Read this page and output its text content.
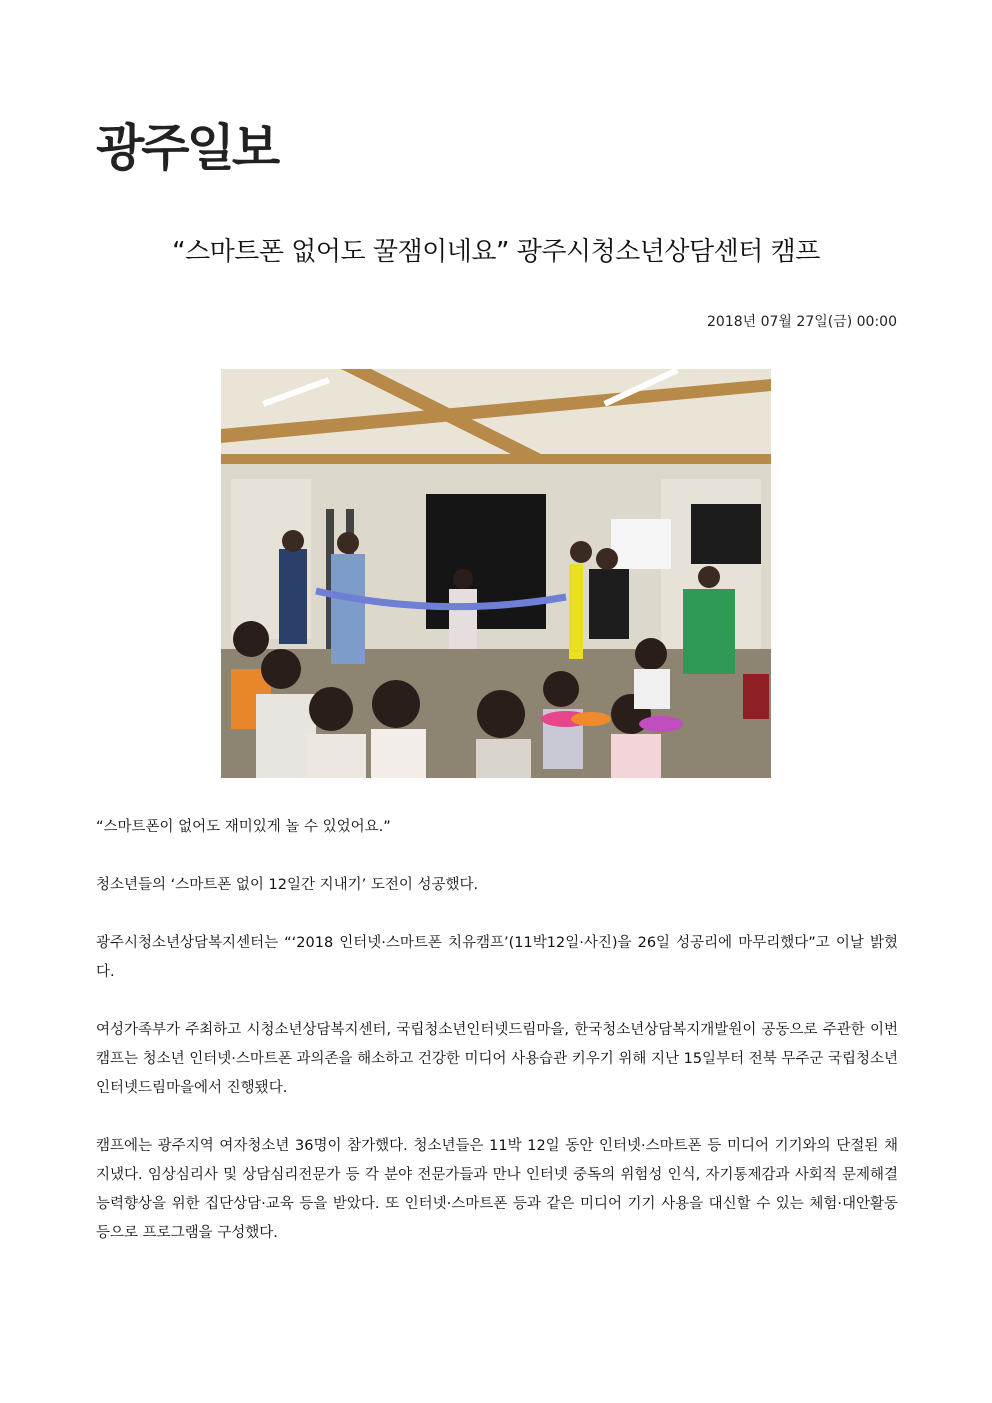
광주일보
“스마트폰 없어도 꿀잼이네요” 광주시청소년상담센터 캠프
2018년 07월 27일(금) 00:00

“스마트폰이 없어도 재미있게 놀 수 있었어요.”

청소년들의 ‘스마트폰 없이 12일간 지내기’ 도전이 성공했다.

광주시청소년상담복지센터는 “‘2018 인터넷·스마트폰 치유캠프’(11박12일·사진)을 26일 성공리에 마무리했다”고 이날 밝혔다.

여성가족부가 주최하고 시청소년상담복지센터, 국립청소년인터넷드림마을, 한국청소년상담복지개발원이 공동으로 주관한 이번 캠프는 청소년 인터넷·스마트폰 과의존을 해소하고 건강한 미디어 사용습관 키우기 위해 지난 15일부터 전북 무주군 국립청소년인터넷드림마을에서 진행됐다.

캠프에는 광주지역 여자청소년 36명이 참가했다. 청소년들은 11박 12일 동안 인터넷·스마트폰 등 미디어 기기와의 단절된 채 지냈다. 임상심리사 및 상담심리전문가 등 각 분야 전문가들과 만나 인터넷 중독의 위험성 인식, 자기통제감과 사회적 문제해결 능력향상을 위한 집단상담·교육 등을 받았다. 또 인터넷·스마트폰 등과 같은 미디어 기기 사용을 대신할 수 있는 체험·대안활동 등으로 프로그램을 구성했다.
